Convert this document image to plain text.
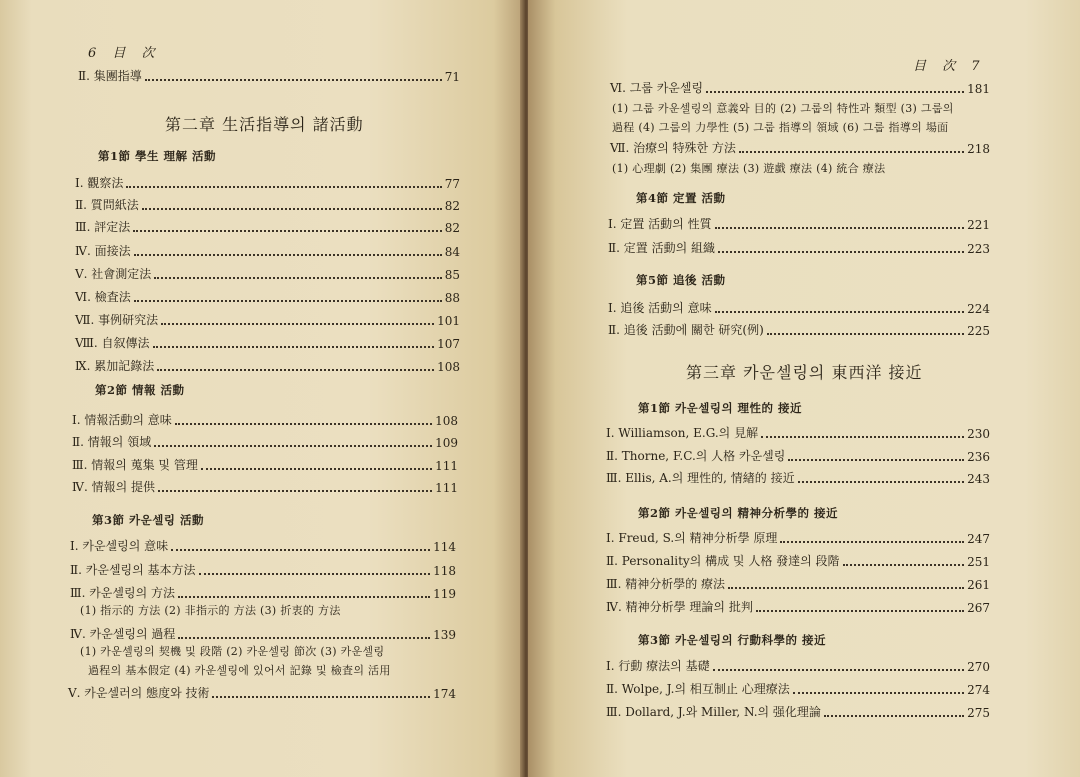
6 目 次
Ⅱ. 集團指導	71
第二章 生活指導의 諸活動
第1節 學生 理解 活動
Ⅰ. 觀察法	77
Ⅱ. 質問紙法	82
Ⅲ. 評定法	82
Ⅳ. 面接法	84
Ⅴ. 社會測定法	85
Ⅵ. 檢査法	88
Ⅶ. 事例研究法	101
Ⅷ. 自叙傳法	107
Ⅸ. 累加記錄法	108
第2節 情報 活動
Ⅰ. 情報活動의 意味	108
Ⅱ. 情報의 領域	109
Ⅲ. 情報의 蒐集 및 管理	111
Ⅳ. 情報의 提供	111
第3節 카운셀링 活動
Ⅰ. 카운셀링의 意味	114
Ⅱ. 카운셀링의 基本方法	118
Ⅲ. 카운셀링의 方法	119
(1) 指示的 方法 (2) 非指示的 方法 (3) 折衷的 方法
Ⅳ. 카운셀링의 過程	139
(1) 카운셀링의 契機 및 段階 (2) 카운셀링 節次 (3) 카운셀링
過程의 基本假定 (4) 카운셀링에 있어서 記錄 및 檢査의 活用
Ⅴ. 카운셀러의 態度와 技術	174
目 次 7
Ⅵ. 그룹 카운셀링	181
(1) 그룹 카운셀링의 意義와 目的 (2) 그룹의 特性과 類型 (3) 그룹의
過程 (4) 그룹의 力學性 (5) 그룹 指導의 領域 (6) 그룹 指導의 場面
Ⅶ. 治療의 特殊한 方法	218
(1) 心理劇 (2) 集團 療法 (3) 遊戱 療法 (4) 統合 療法
第4節 定置 活動
Ⅰ. 定置 活動의 性質	221
Ⅱ. 定置 活動의 組織	223
第5節 追後 活動
Ⅰ. 追後 活動의 意味	224
Ⅱ. 追後 活動에 關한 研究(例)	225
第三章 카운셀링의 東西洋 接近
第1節 카운셀링의 理性的 接近
Ⅰ. Williamson, E.G.의 見解	230
Ⅱ. Thorne, F.C.의 人格 카운셀링	236
Ⅲ. Ellis, A.의 理性的, 情緖的 接近	243
第2節 카운셀링의 精神分析學的 接近
Ⅰ. Freud, S.의 精神分析學 原理	247
Ⅱ. Personality의 構成 및 人格 發達의 段階	251
Ⅲ. 精神分析學的 療法	261
Ⅳ. 精神分析學 理論의 批判	267
第3節 카운셀링의 行動科學的 接近
Ⅰ. 行動 療法의 基礎	270
Ⅱ. Wolpe, J.의 相互制止 心理療法	274
Ⅲ. Dollard, J.와 Miller, N.의 强化理論	275
